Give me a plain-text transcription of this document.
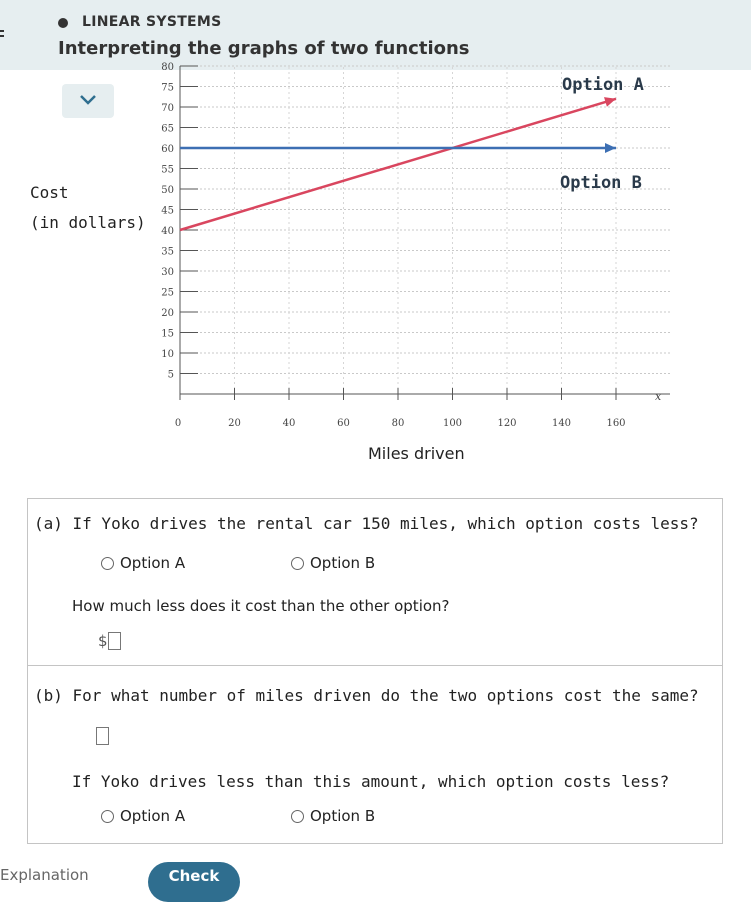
LINEAR SYSTEMS
Interpreting the graphs of two functions
Cost
(in dollars)
5
10
15
20
25
30
35
40
45
50
55
60
65
70
75
80
0	20	40	60	80	100	120	140	160
x
Option A
Option B
Miles driven
(a) If Yoko drives the rental car 150 miles, which option costs less?
Option A	Option B
How much less does it cost than the other option?
$
(b) For what number of miles driven do the two options cost the same?
If Yoko drives less than this amount, which option costs less?
Option A	Option B
Explanation	Check
